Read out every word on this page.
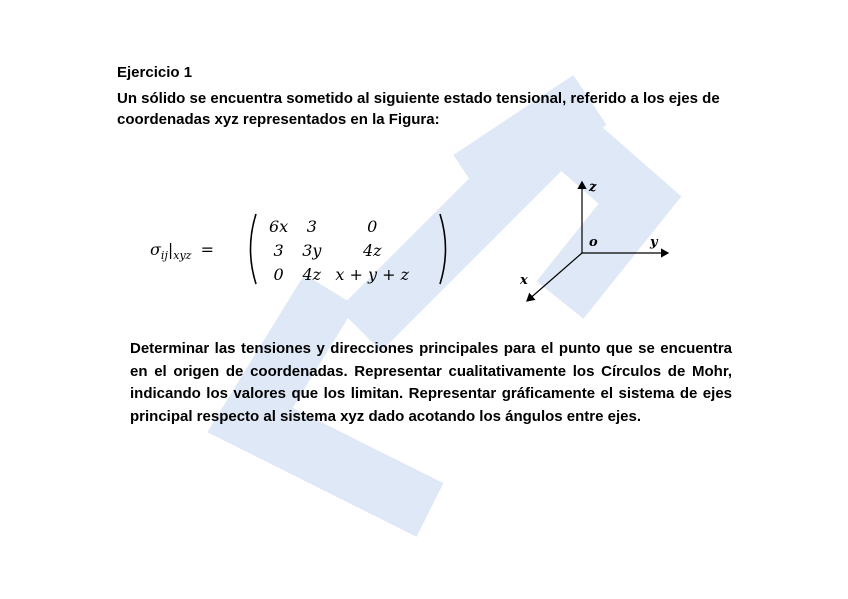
Ejercicio 1
Un sólido se encuentra sometido al siguiente estado tensional, referido a los ejes de coordenadas xyz representados en la Figura:
$\sigma_{ij}|_{xyz}$ =
6x	3	0
3	3y	4z
0	4z	x + y + z
z
o	y
x
Determinar las tensiones y direcciones principales para el punto que se encuentra en el origen de coordenadas. Representar cualitativamente los Círculos de Mohr, indicando los valores que los limitan. Representar gráficamente el sistema de ejes principal respecto al sistema xyz dado acotando los ángulos entre ejes.
